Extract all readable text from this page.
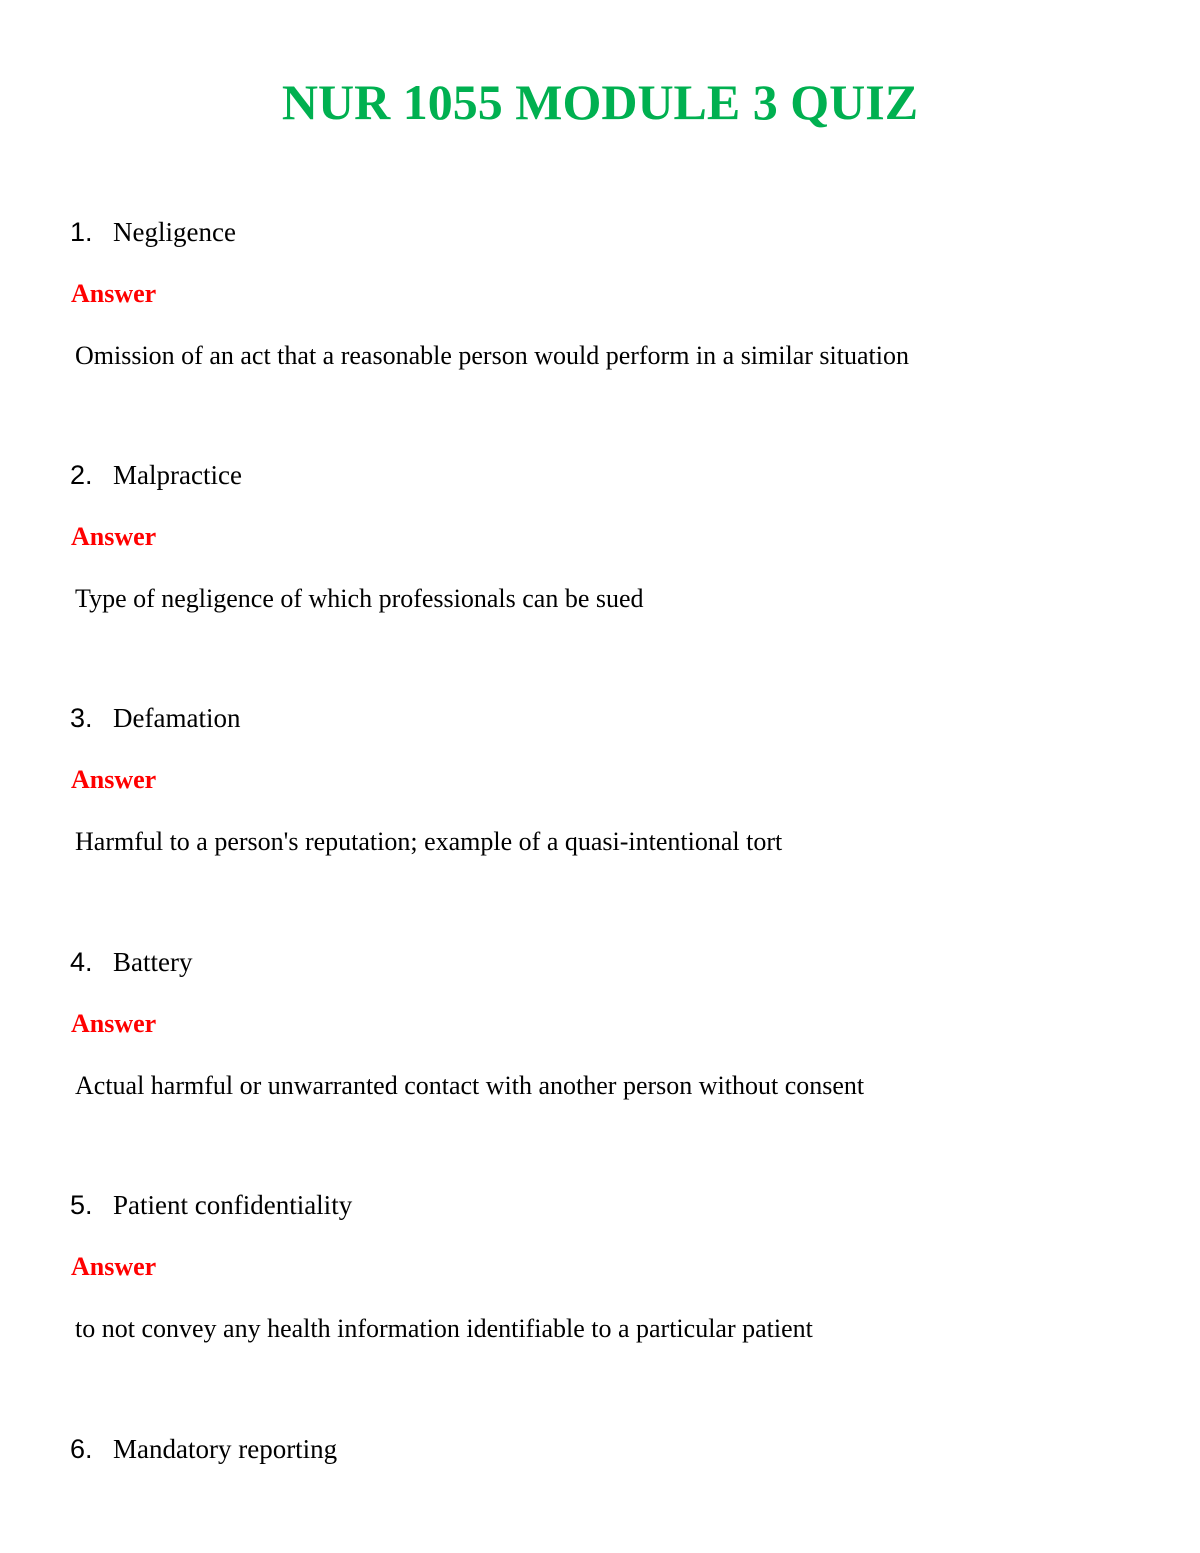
NUR 1055 MODULE 3 QUIZ
1. Negligence
Answer
Omission of an act that a reasonable person would perform in a similar situation
2. Malpractice
Answer
Type of negligence of which professionals can be sued
3. Defamation
Answer
Harmful to a person's reputation; example of a quasi-intentional tort
4. Battery
Answer
Actual harmful or unwarranted contact with another person without consent
5. Patient confidentiality
Answer
to not convey any health information identifiable to a particular patient
6. Mandatory reporting
